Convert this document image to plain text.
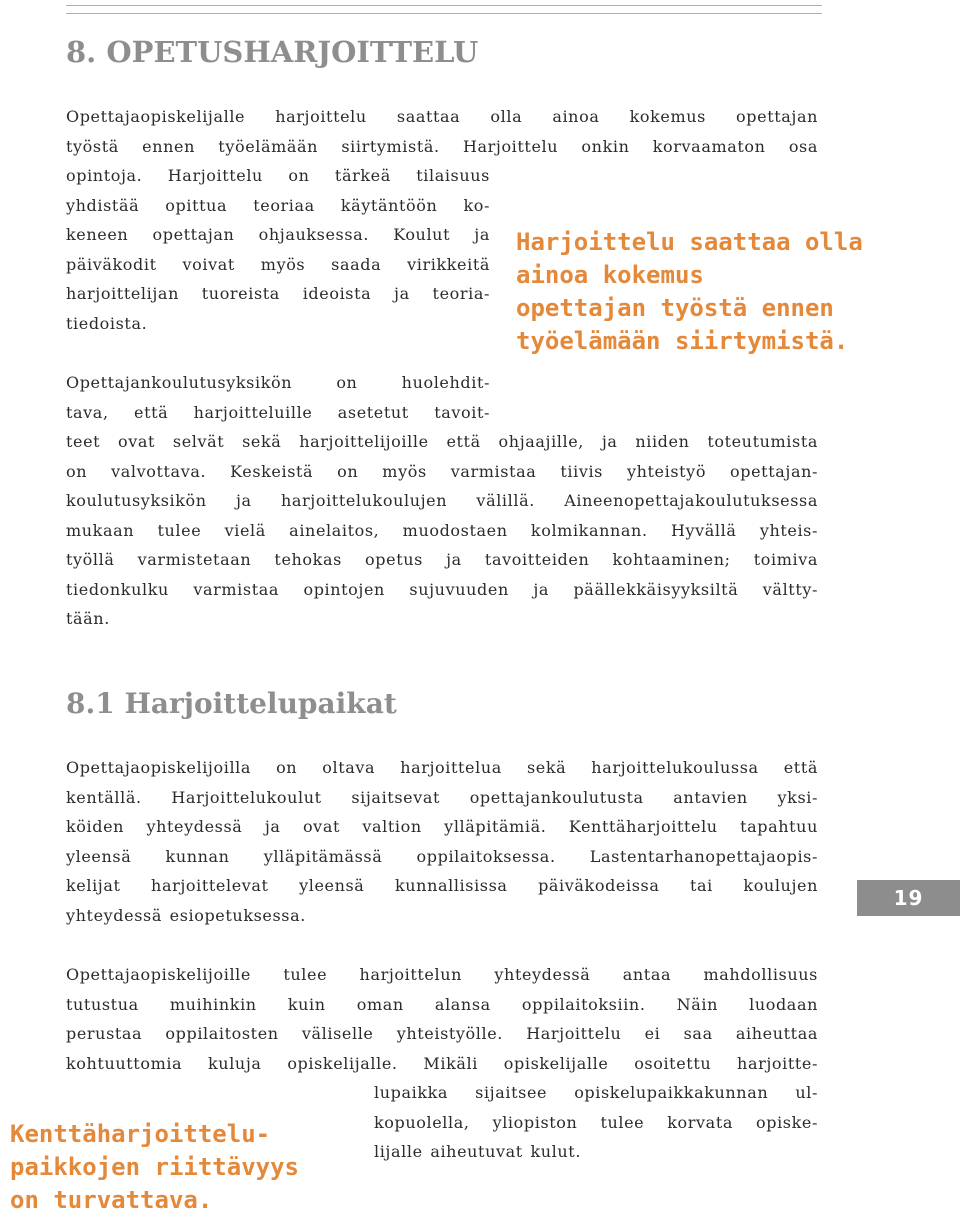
8. OPETUSHARJOITTELU
Opettajaopiskelijalle harjoittelu saattaa olla ainoa kokemus opettajan
työstä ennen työelämään siirtymistä. Harjoittelu onkin korvaamaton osa
opintoja. Harjoittelu on tärkeä tilaisuus
yhdistää opittua teoriaa käytäntöön ko-
keneen opettajan ohjauksessa. Koulut ja
päiväkodit voivat myös saada virikkeitä
harjoittelijan tuoreista ideoista ja teoria-
tiedoista.
Harjoittelu saattaa olla
ainoa kokemus
opettajan työstä ennen
työelämään siirtymistä.
Opettajankoulutusyksikön on huolehdit-
tava, että harjoitteluille asetetut tavoit-
teet ovat selvät sekä harjoittelijoille että ohjaajille, ja niiden toteutumista
on valvottava. Keskeistä on myös varmistaa tiivis yhteistyö opettajan-
koulutusyksikön ja harjoittelukoulujen välillä. Aineenopettajakoulutuksessa
mukaan tulee vielä ainelaitos, muodostaen kolmikannan. Hyvällä yhteis-
työllä varmistetaan tehokas opetus ja tavoitteiden kohtaaminen; toimiva
tiedonkulku varmistaa opintojen sujuvuuden ja päällekkäisyyksiltä vältty-
tään.
8.1 Harjoittelupaikat
Opettajaopiskelijoilla on oltava harjoittelua sekä harjoittelukoulussa että
kentällä. Harjoittelukoulut sijaitsevat opettajankoulutusta antavien yksi-
köiden yhteydessä ja ovat valtion ylläpitämiä. Kenttäharjoittelu tapahtuu
yleensä kunnan ylläpitämässä oppilaitoksessa. Lastentarhanopettajaopis-
kelijat harjoittelevat yleensä kunnallisissa päiväkodeissa tai koulujen
yhteydessä esiopetuksessa.
19
Opettajaopiskelijoille tulee harjoittelun yhteydessä antaa mahdollisuus
tutustua muihinkin kuin oman alansa oppilaitoksiin. Näin luodaan
perustaa oppilaitosten väliselle yhteistyölle. Harjoittelu ei saa aiheuttaa
kohtuuttomia kuluja opiskelijalle. Mikäli opiskelijalle osoitettu harjoitte-
lupaikka sijaitsee opiskelupaikkakunnan ul-
kopuolella, yliopiston tulee korvata opiske-
lijalle aiheutuvat kulut.
Kenttäharjoittelu-
paikkojen riittävyys
on turvattava.
